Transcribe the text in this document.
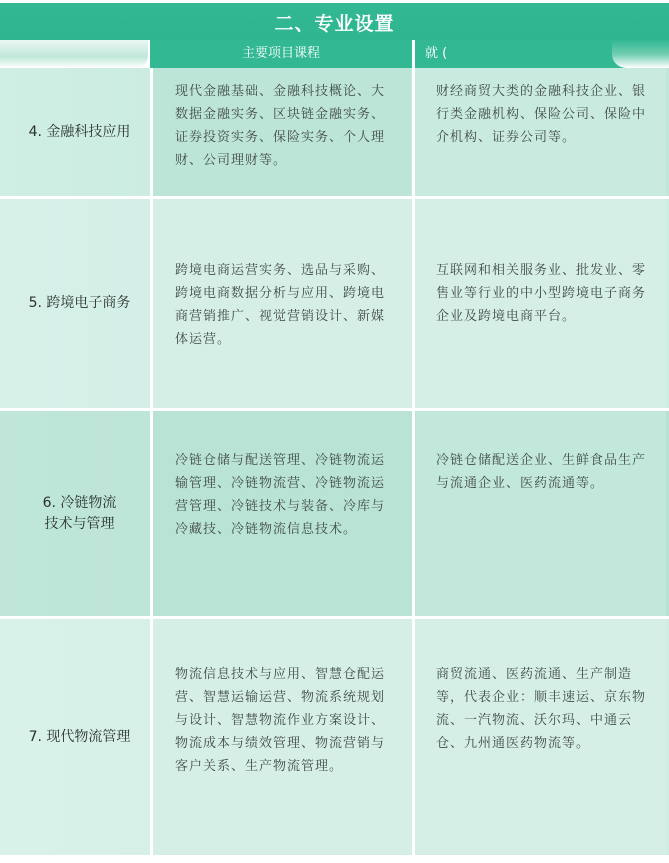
二、专业设置
主要项目课程	就 (
4. 金融科技应用
现代金融基础、金融科技概论、大数据金融实务、区块链金融实务、证券投资实务、保险实务、个人理财、公司理财等。
财经商贸大类的金融科技企业、银行类金融机构、保险公司、保险中介机构、证券公司等。
5. 跨境电子商务
跨境电商运营实务、选品与采购、跨境电商数据分析与应用、跨境电商营销推广、视觉营销设计、新媒体运营。
互联网和相关服务业、批发业、零售业等行业的中小型跨境电子商务企业及跨境电商平台。
6. 冷链物流
技术与管理
冷链仓储与配送管理、冷链物流运输管理、冷链物流营、冷链物流运营管理、冷链技术与装备、冷库与冷藏技、冷链物流信息技术。
冷链仓储配送企业、生鲜食品生产与流通企业、医药流通等。
7. 现代物流管理
物流信息技术与应用、智慧仓配运营、智慧运输运营、物流系统规划与设计、智慧物流作业方案设计、物流成本与绩效管理、物流营销与客户关系、生产物流管理。
商贸流通、医药流通、生产制造等，代表企业：顺丰速运、京东物流、一汽物流、沃尔玛、中通云仓、九州通医药物流等。
